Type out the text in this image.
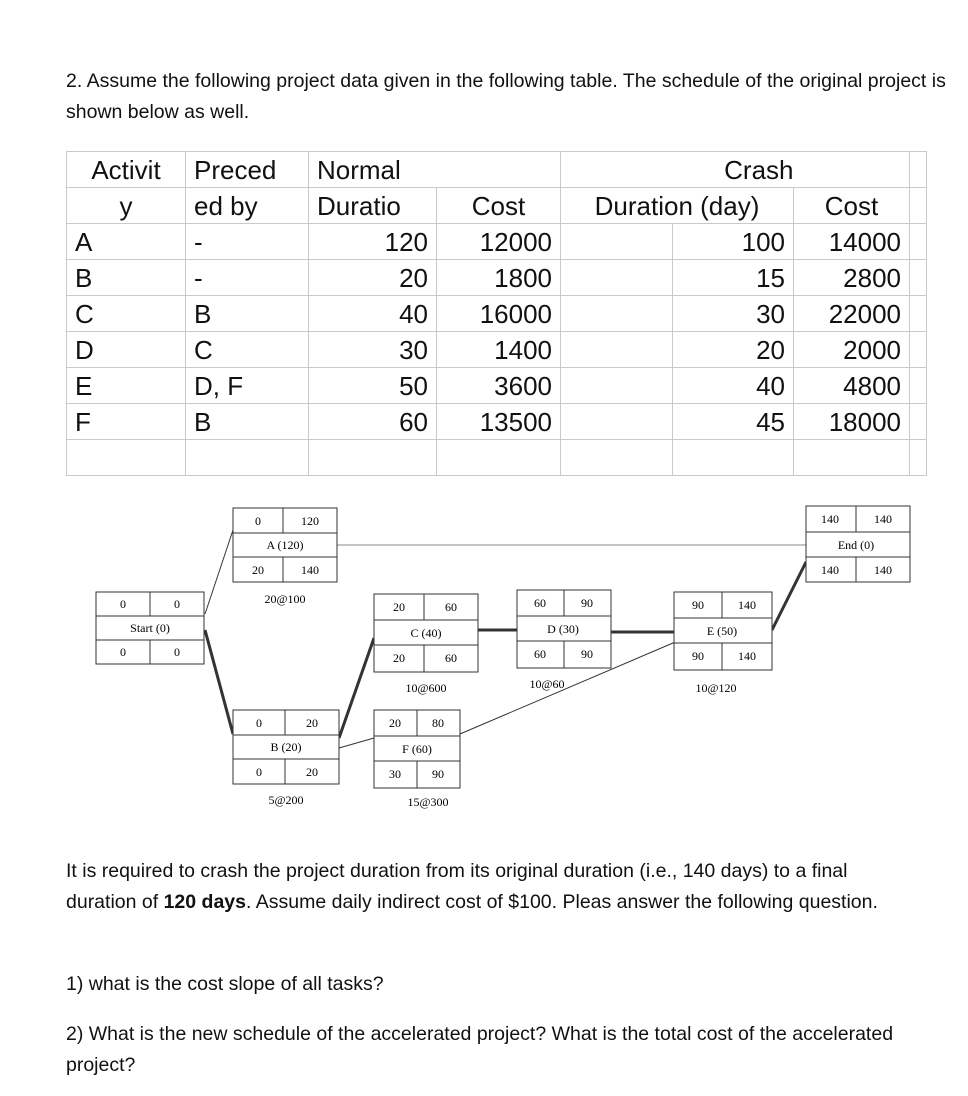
2. Assume the following project data given in the following table. The schedule of the original project is shown below as well.

Activit	Preced	Normal		Crash			
y	ed by	Duratio	Cost	Duration (day)		Cost	
A	-	120	12000		100	14000	
B	-	20	1800		15	2800	
C	B	40	16000		30	22000	
D	C	30	1400		20	2000	
E	D, F	50	3600		40	4800	
F	B	60	13500		45	18000	

0	0
Start (0)
0	0
0	120
A (120)
20	140
20@100
0	20
B (20)
0	20
5@200
20	60
C (40)
20	60
10@600
20	80
F (60)
30	90
15@300
60	90
D (30)
60	90
10@60
90	140
E (50)
90	140
10@120
140	140
End (0)
140	140

It is required to crash the project duration from its original duration (i.e., 140 days) to a final duration of 120 days. Assume daily indirect cost of $100. Pleas answer the following question.

1) what is the cost slope of all tasks?

2) What is the new schedule of the accelerated project? What is the total cost of the accelerated project?
